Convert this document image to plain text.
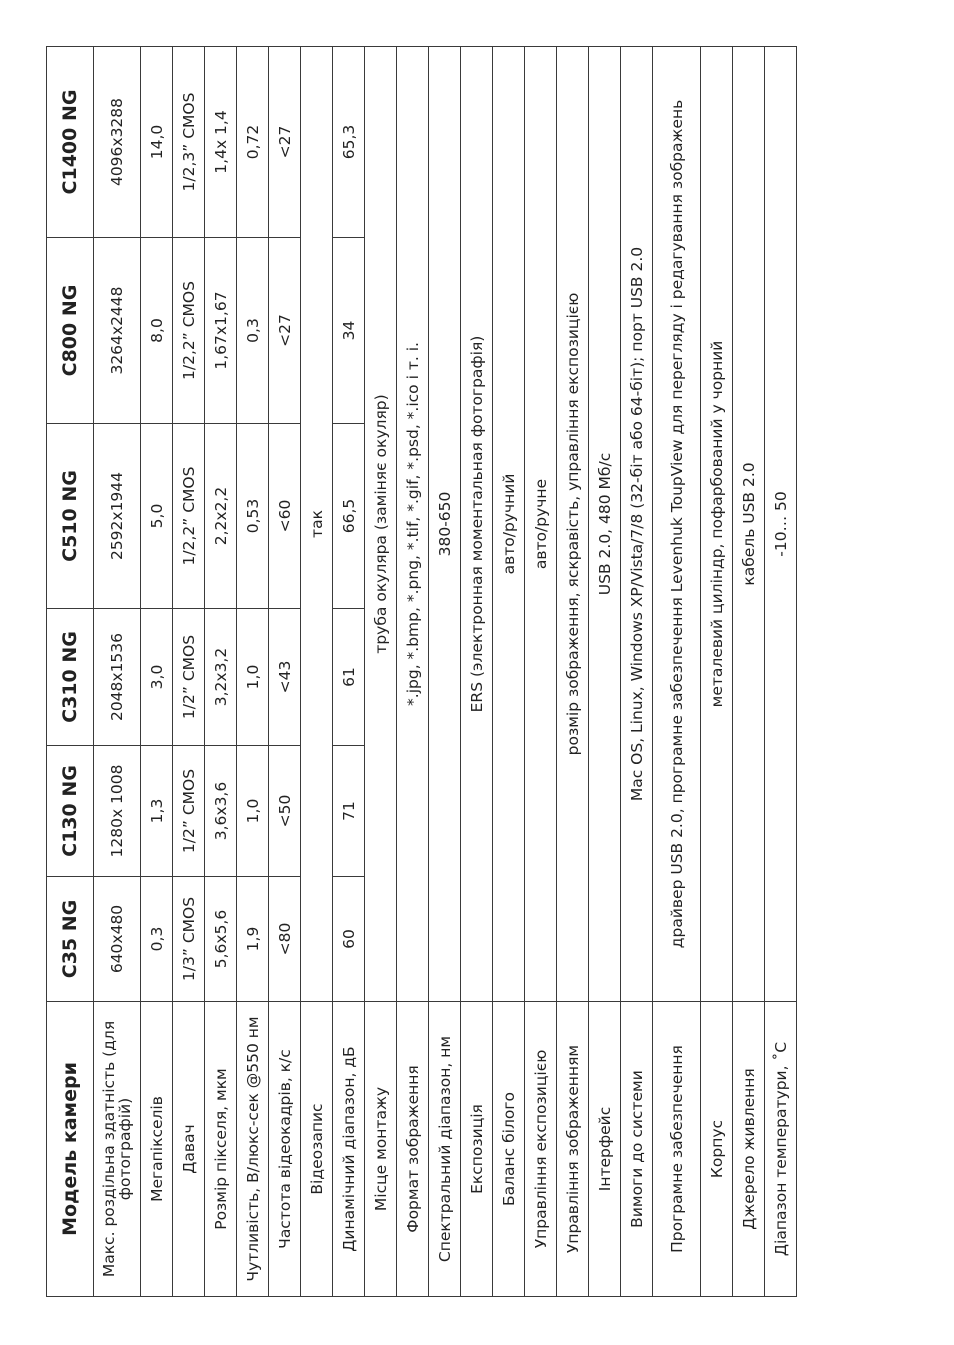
Модель камери	C35 NG	C130 NG	C310 NG	C510 NG	C800 NG	C1400 NG
Макс. роздільна здатність (для фотографій)	640x480	1280x 1008	2048x1536	2592x1944	3264x2448	4096x3288
Мегапікселів	0,3	1,3	3,0	5,0	8,0	14,0
Давач	1/3” CMOS	1/2” CMOS	1/2” CMOS	1/2,2” CMOS	1/2,2” CMOS	1/2,3” CMOS
Розмір пікселя, мкм	5,6x5,6	3,6x3,6	3,2x3,2	2,2x2,2	1,67x1,67	1,4x 1,4
Чутливість, В/люкс-сек @550 нм	1,9	1,0	1,0	0,53	0,3	0,72
Частота відеокадрів, к/с	<80	<50	<43	<60	<27	<27
Відеозапис	так					
Динамічний діапазон, дБ	60	71	61	66,5	34	65,3
Місце монтажу	труба окуляра (заміняє окуляр)					
Формат зображення	*.jpg, *.bmp, *.png, *.tif, *.gif, *.psd, *.ico і т. і.					
Спектральний діапазон, нм	380-650					
Експозиція	ERS (электронная моментальная фотографія)					
Баланс білого	авто/ручний					
Управління експозицією	авто/ручне					
Управління зображенням	розмір зображення, яскравість, управління експозицією					
Інтерфейс	USB 2.0, 480 Мб/с					
Вимоги до системи	Mac OS, Linux, Windows XP/Vista/7/8 (32-біт або 64-біт); порт USB 2.0					
Програмне забезпечення	драйвер USB 2.0, програмне забезпечення Levenhuk ToupView для перегляду і редагування зображень					
Корпус	металевий циліндр, пофарбований у чорний					
Джерело живлення	кабель USB 2.0					
Діапазон температури, ˚С	-10… 50					
